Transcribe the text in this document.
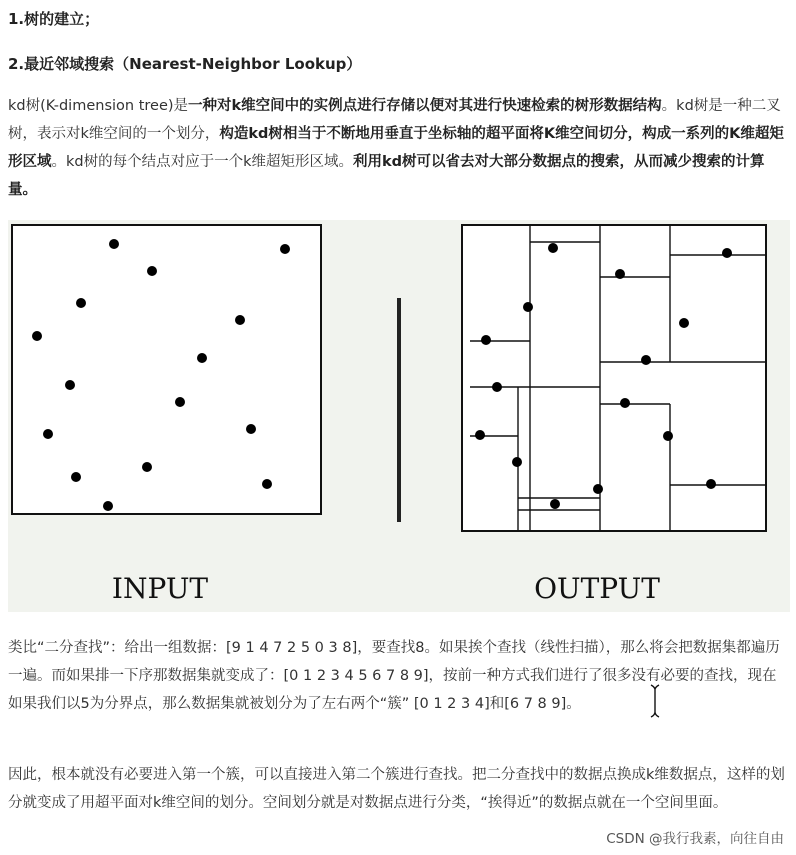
1.树的建立；
2.最近邻域搜索（Nearest-Neighbor Lookup）
kd树(K-dimension tree)是一种对k维空间中的实例点进行存储以便对其进行快速检索的树形数据结构。kd树是一种二叉树，表示对k维空间的一个划分，构造kd树相当于不断地用垂直于坐标轴的超平面将K维空间切分，构成一系列的K维超矩形区域。kd树的每个结点对应于一个k维超矩形区域。利用kd树可以省去对大部分数据点的搜索，从而减少搜索的计算量。
INPUT	OUTPUT
类比“二分查找”：给出一组数据：[9 1 4 7 2 5 0 3 8]，要查找8。如果挨个查找（线性扫描），那么将会把数据集都遍历一遍。而如果排一下序那数据集就变成了：[0 1 2 3 4 5 6 7 8 9]，按前一种方式我们进行了很多没有必要的查找，现在如果我们以5为分界点，那么数据集就被划分为了左右两个“簇” [0 1 2 3 4]和[6 7 8 9]。
因此，根本就没有必要进入第一个簇，可以直接进入第二个簇进行查找。把二分查找中的数据点换成k维数据点，这样的划分就变成了用超平面对k维空间的划分。空间划分就是对数据点进行分类，“挨得近”的数据点就在一个空间里面。
CSDN @我行我素，向往自由
